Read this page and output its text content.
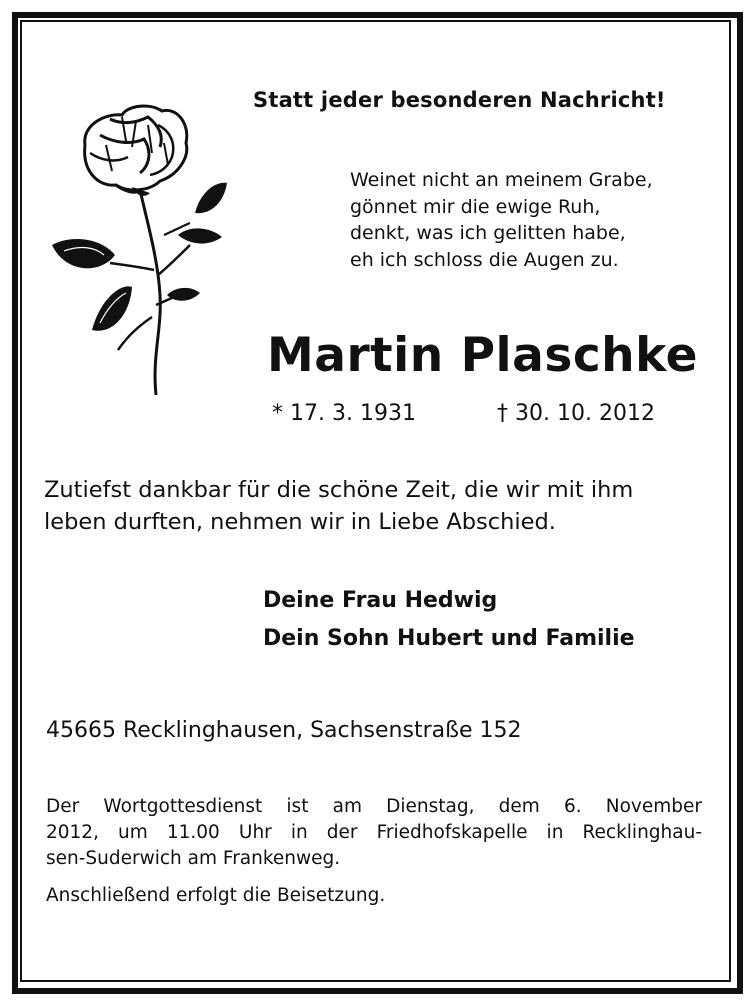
Statt jeder besonderen Nachricht!
Weinet nicht an meinem Grabe,
gönnet mir die ewige Ruh,
denkt, was ich gelitten habe,
eh ich schloss die Augen zu.
Martin Plaschke
* 17. 3. 1931	† 30. 10. 2012
Zutiefst dankbar für die schöne Zeit, die wir mit ihm
leben durften, nehmen wir in Liebe Abschied.
Deine Frau Hedwig
Dein Sohn Hubert und Familie
45665 Recklinghausen, Sachsenstraße 152
Der Wortgottesdienst ist am Dienstag, dem 6. November
2012, um 11.00 Uhr in der Friedhofskapelle in Recklinghau-
sen-Suderwich am Frankenweg.
Anschließend erfolgt die Beisetzung.
